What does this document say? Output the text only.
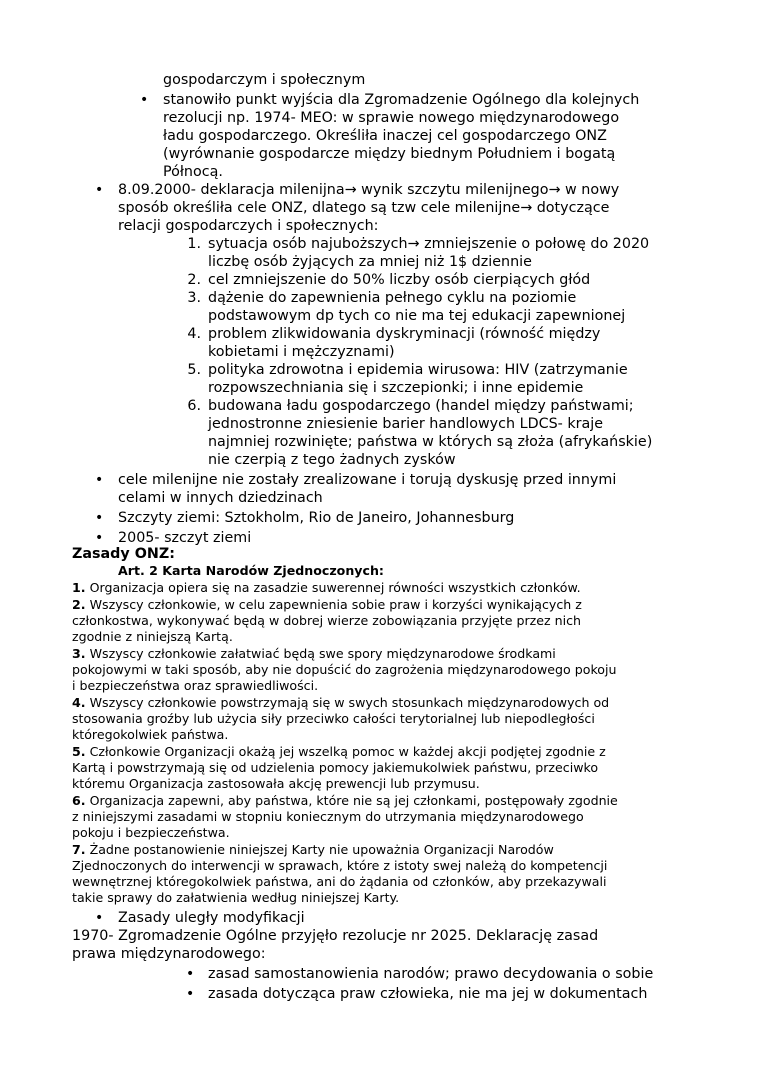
gospodarczym i społecznym
• stanowiło punkt wyjścia dla Zgromadzenie Ogólnego dla kolejnych
rezolucji np. 1974- MEO: w sprawie nowego międzynarodowego
ładu gospodarczego. Określiła inaczej cel gospodarczego ONZ
(wyrównanie gospodarcze między biednym Południem i bogatą
Północą.
• 8.09.2000- deklaracja milenijna→ wynik szczytu milenijnego→ w nowy
sposób określiła cele ONZ, dlatego są tzw cele milenijne→ dotyczące
relacji gospodarczych i społecznych:
1. sytuacja osób najuboższych→ zmniejszenie o połowę do 2020
liczbę osób żyjących za mniej niż 1$ dziennie
2. cel zmniejszenie do 50% liczby osób cierpiących głód
3. dążenie do zapewnienia pełnego cyklu na poziomie
podstawowym dp tych co nie ma tej edukacji zapewnionej
4. problem zlikwidowania dyskryminacji (równość między
kobietami i mężczyznami)
5. polityka zdrowotna i epidemia wirusowa: HIV (zatrzymanie
rozpowszechniania się i szczepionki; i inne epidemie
6. budowana ładu gospodarczego (handel między państwami;
jednostronne zniesienie barier handlowych LDCS- kraje
najmniej rozwinięte; państwa w których są złoża (afrykańskie)
nie czerpią z tego żadnych zysków
• cele milenijne nie zostały zrealizowane i torują dyskusję przed innymi
celami w innych dziedzinach
• Szczyty ziemi: Sztokholm, Rio de Janeiro, Johannesburg
• 2005- szczyt ziemi
Zasady ONZ:
Art. 2 Karta Narodów Zjednoczonych:
1. Organizacja opiera się na zasadzie suwerennej równości wszystkich członków.
2. Wszyscy członkowie, w celu zapewnienia sobie praw i korzyści wynikających z
członkostwa, wykonywać będą w dobrej wierze zobowiązania przyjęte przez nich
zgodnie z niniejszą Kartą.
3. Wszyscy członkowie załatwiać będą swe spory międzynarodowe środkami
pokojowymi w taki sposób, aby nie dopuścić do zagrożenia międzynarodowego pokoju
i bezpieczeństwa oraz sprawiedliwości.
4. Wszyscy członkowie powstrzymają się w swych stosunkach międzynarodowych od
stosowania groźby lub użycia siły przeciwko całości terytorialnej lub niepodległości
któregokolwiek państwa.
5. Członkowie Organizacji okażą jej wszelką pomoc w każdej akcji podjętej zgodnie z
Kartą i powstrzymają się od udzielenia pomocy jakiemukolwiek państwu, przeciwko
któremu Organizacja zastosowała akcję prewencji lub przymusu.
6. Organizacja zapewni, aby państwa, które nie są jej członkami, postępowały zgodnie
z niniejszymi zasadami w stopniu koniecznym do utrzymania międzynarodowego
pokoju i bezpieczeństwa.
7. Żadne postanowienie niniejszej Karty nie upoważnia Organizacji Narodów
Zjednoczonych do interwencji w sprawach, które z istoty swej należą do kompetencji
wewnętrznej któregokolwiek państwa, ani do żądania od członków, aby przekazywali
takie sprawy do załatwienia według niniejszej Karty.
• Zasady uległy modyfikacji
1970- Zgromadzenie Ogólne przyjęło rezolucje nr 2025. Deklarację zasad
prawa międzynarodowego:
• zasad samostanowienia narodów; prawo decydowania o sobie
• zasada dotycząca praw człowieka, nie ma jej w dokumentach
